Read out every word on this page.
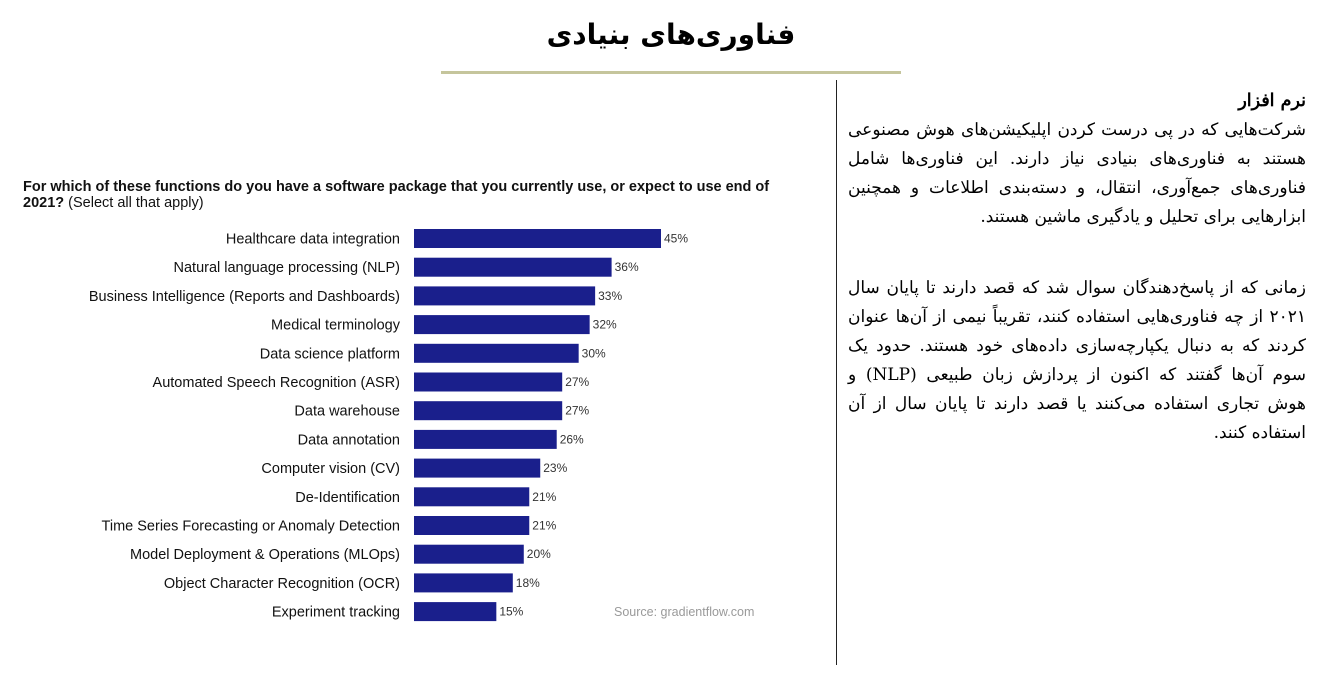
فناوری‌های بنیادی
For which of these functions do you have a software package that you currently use, or expect to use end of 2021? (Select all that apply)
Healthcare data integration	45%
Natural language processing (NLP)	36%
Business Intelligence (Reports and Dashboards)	33%
Medical terminology	32%
Data science platform	30%
Automated Speech Recognition (ASR)	27%
Data warehouse	27%
Data annotation	26%
Computer vision (CV)	23%
De-Identification	21%
Time Series Forecasting or Anomaly Detection	21%
Model Deployment & Operations (MLOps)	20%
Object Character Recognition (OCR)	18%
Experiment tracking	15%	Source: gradientflow.com

نرم افزار

شرکت‌هایی که در پی درست کردن اپلیکیشن‌های هوش مصنوعی هستند به فناوری‌های بنیادی نیاز دارند. این فناوری‌ها شامل فناوری‌های جمع‌آوری، انتقال، و دسته‌بندی اطلاعات و همچنین ابزارهایی برای تحلیل و یادگیری ماشین هستند.

زمانی که از پاسخ‌دهندگان سوال شد که قصد دارند تا پایان سال ۲۰۲۱ از چه فناوری‌هایی استفاده کنند، تقریباً نیمی از آن‌ها عنوان کردند که به دنبال یکپارچه‌سازی داده‌های خود هستند. حدود یک سوم آن‌ها گفتند که اکنون از پردازش زبان طبیعی (NLP) و هوش تجاری استفاده می‌کنند یا قصد دارند تا پایان سال از آن استفاده کنند.
